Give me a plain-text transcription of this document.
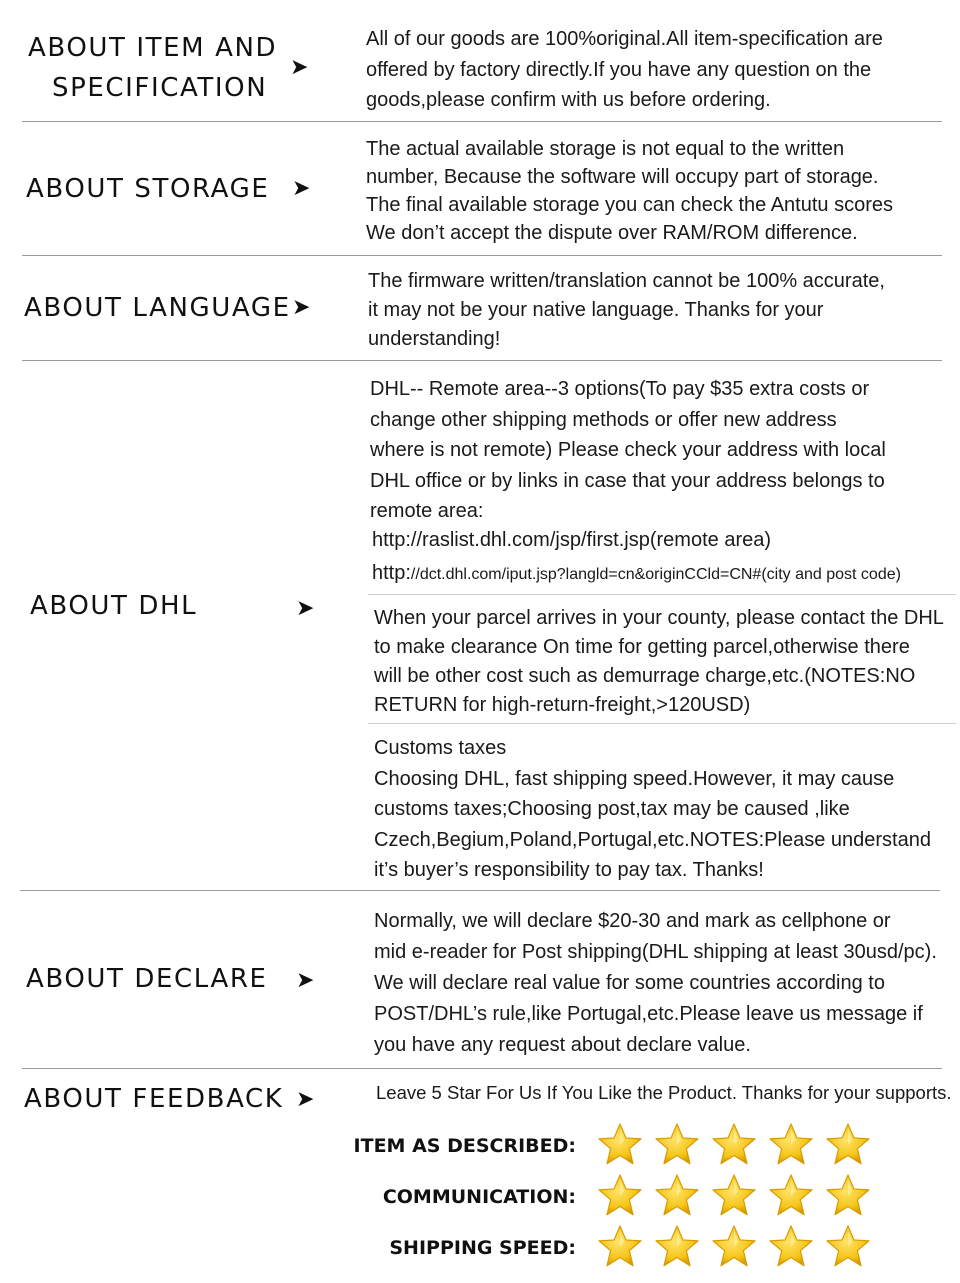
ABOUT ITEM AND
SPECIFICATION
➤
All of our goods are 100%original.All item-specification are
offered by factory directly.If you have any question on the
goods,please confirm with us before ordering.
ABOUT STORAGE ➤
The actual available storage is not equal to the written
number, Because the software will occupy part of storage.
The final available storage you can check the Antutu scores
We don’t accept the dispute over RAM/ROM difference.
ABOUT LANGUAGE ➤
The firmware written/translation cannot be 100% accurate,
it may not be your native language. Thanks for your
understanding!
ABOUT DHL	➤
DHL-- Remote area--3 options(To pay $35 extra costs or
change other shipping methods or offer new address
where is not remote) Please check your address with local
DHL office or by links in case that your address belongs to
remote area:
http://raslist.dhl.com/jsp/first.jsp(remote area)
http://dct.dhl.com/iput.jsp?langld=cn&originCCld=CN#(city and post code)
When your parcel arrives in your county, please contact the DHL
to make clearance On time for getting parcel,otherwise there
will be other cost such as demurrage charge,etc.(NOTES:NO
RETURN for high-return-freight,>120USD)
Customs taxes
Choosing DHL, fast shipping speed.However, it may cause
customs taxes;Choosing post,tax may be caused ,like
Czech,Begium,Poland,Portugal,etc.NOTES:Please understand
it’s buyer’s responsibility to pay tax. Thanks!
ABOUT DECLARE ➤
Normally, we will declare $20-30 and mark as cellphone or
mid e-reader for Post shipping(DHL shipping at least 30usd/pc).
We will declare real value for some countries according to
POST/DHL’s rule,like Portugal,etc.Please leave us message if
you have any request about declare value.
ABOUT FEEDBACK ➤	Leave 5 Star For Us If You Like the Product. Thanks for your supports.
ITEM AS DESCRIBED:
COMMUNICATION:
SHIPPING SPEED:
